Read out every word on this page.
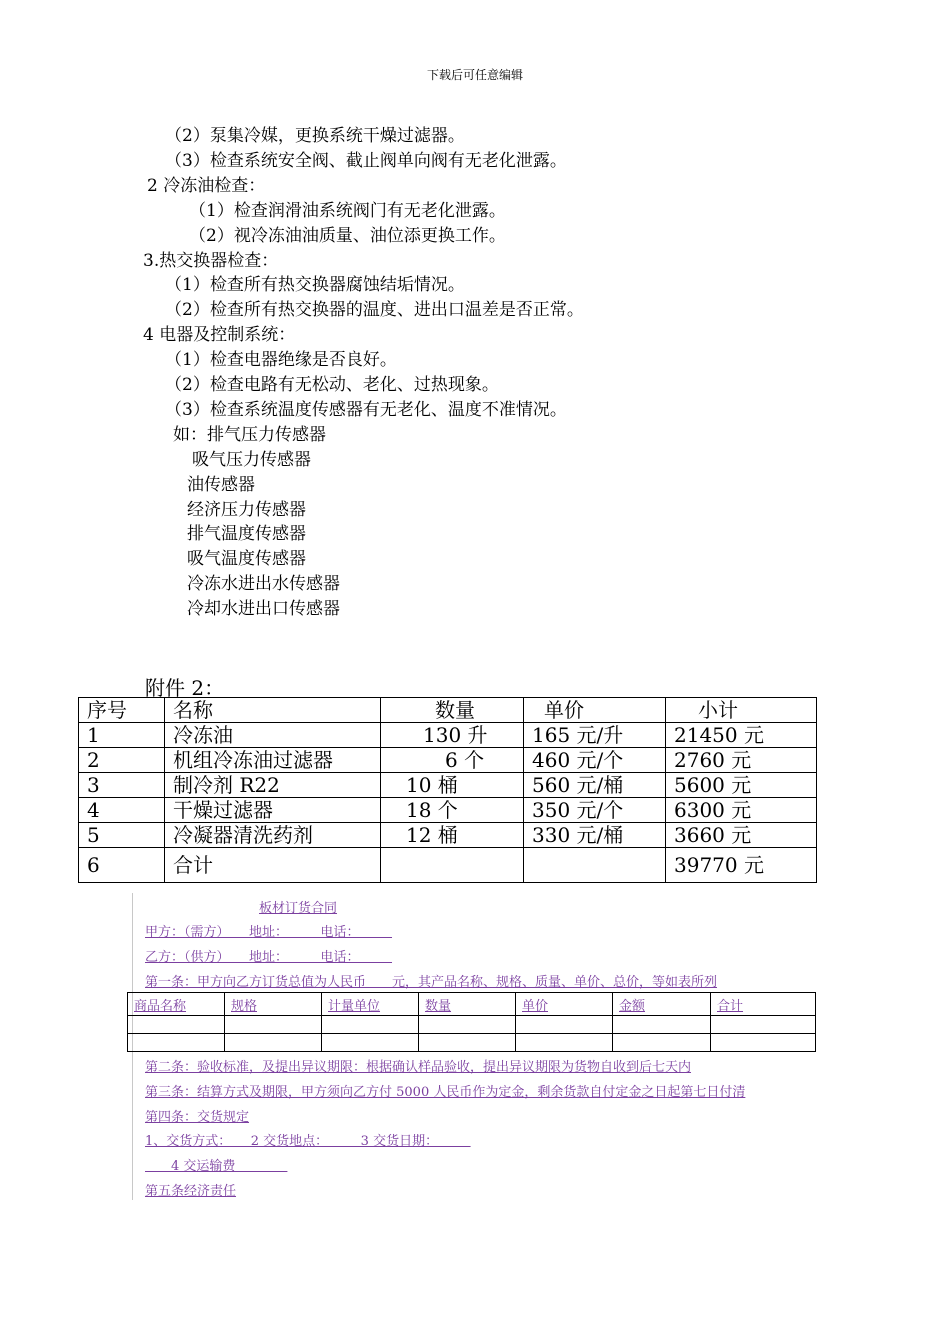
下载后可任意编辑
（2）泵集冷媒，更换系统干燥过滤器。
（3）检查系统安全阀、截止阀单向阀有无老化泄露。
2 冷冻油检查：
（1）检查润滑油系统阀门有无老化泄露。
（2）视冷冻油油质量、油位添更换工作。
3.热交换器检查：
（1）检查所有热交换器腐蚀结垢情况。
（2）检查所有热交换器的温度、进出口温差是否正常。
4 电器及控制系统：
（1）检查电器绝缘是否良好。
（2）检查电路有无松动、老化、过热现象。
（3）检查系统温度传感器有无老化、温度不准情况。
如：排气压力传感器
吸气压力传感器
油传感器
经济压力传感器
排气温度传感器
吸气温度传感器
冷冻水进出水传感器
冷却水进出口传感器
附件 2：
序号	名称	数量	单价	小计
1	冷冻油	130 升	165 元/升	21450 元
2	机组冷冻油过滤器	6 个	460 元/个	2760 元
3	制冷剂 R22	10 桶	560 元/桶	5600 元
4	干燥过滤器	18 个	350 元/个	6300 元
5	冷凝器清洗药剂	12 桶	330 元/桶	3660 元
6	合计			39770 元
板材订货合同
甲方：（需方）　　地址：　　　电话：　　　
乙方：（供方）　　地址：　　　电话：　　　
第一条：甲方向乙方订货总值为人民币　　元，其产品名称、规格、质量、单价、总价，等如表所列
商品名称	规格	计量单位	数量	单价	金额	合计

第二条：验收标准，及提出异议期限：根据确认样品验收，提出异议期限为货物自收到后七天内
第三条：结算方式及期限，甲方须向乙方付 5000 人民币作为定金，剩余货款自付定金之日起第七日付清
第四条：交货规定
1、交货方式：　　2 交货地点：　　　3 交货日期：　　　
　　4 交运输费　　　　
第五条经济责任
